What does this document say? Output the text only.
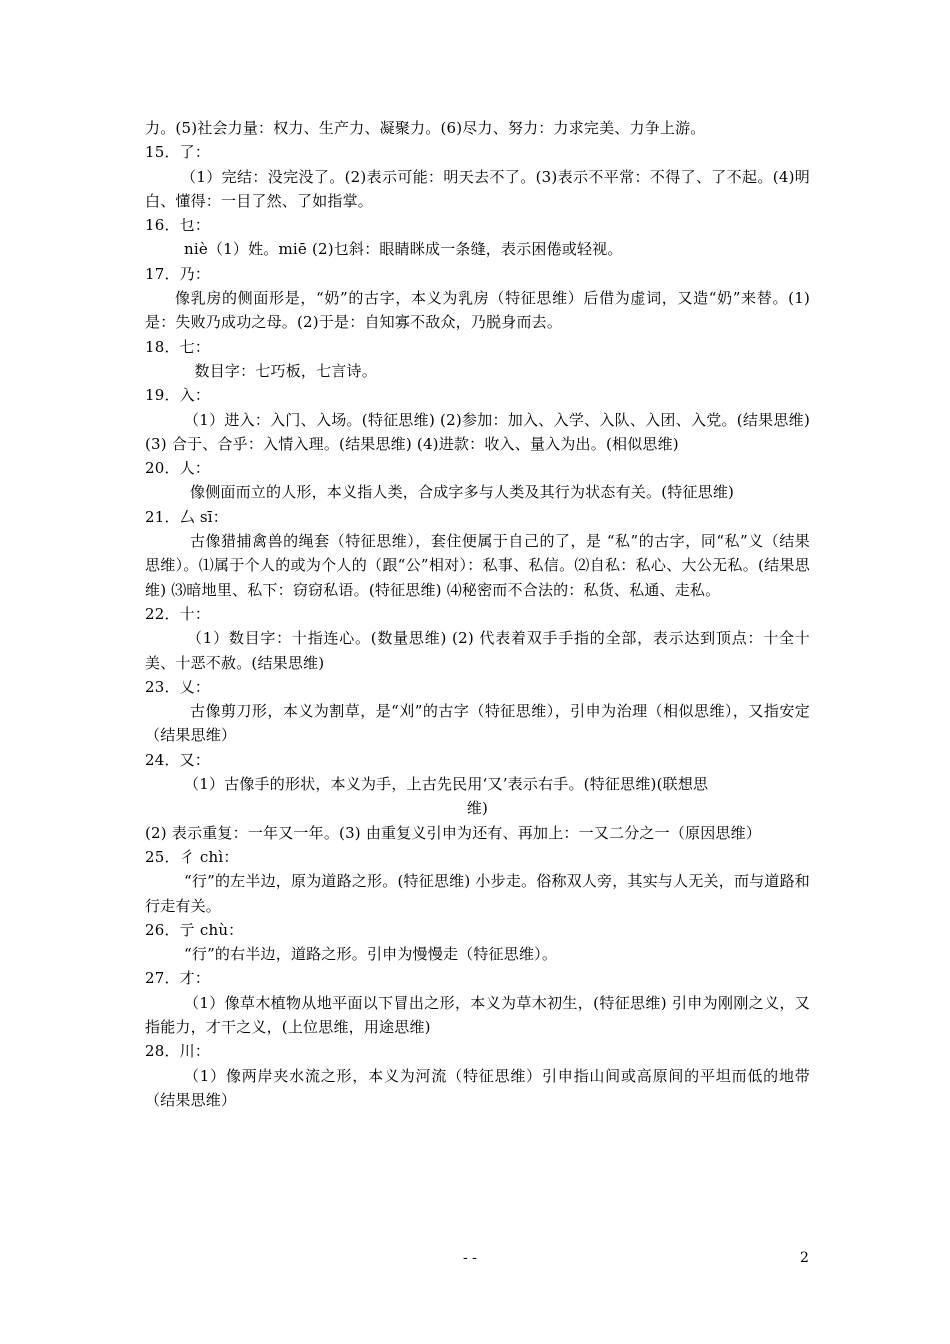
力。(5)社会力量：权力、生产力、凝聚力。(6)尽力、努力：力求完美、力争上游。

15．了：

（1）完结：没完没了。(2)表示可能：明天去不了。(3)表示不平常：不得了、了不起。(4)明白、懂得：一目了然、了如指掌。

16．乜：

niè（1）姓。miē (2)乜斜：眼睛眯成一条缝，表示困倦或轻视。

17．乃：

像乳房的侧面形是，“奶”的古字，本义为乳房（特征思维）后借为虚词，又造“奶”来替。(1)是：失败乃成功之母。(2)于是：自知寡不敌众，乃脱身而去。

18．七：

数目字：七巧板，七言诗。

19．入：

（1）进入：入门、入场。(特征思维) (2)参加：加入、入学、入队、入团、入党。(结果思维) (3) 合于、合乎：入情入理。(结果思维) (4)进款：收入、量入为出。(相似思维)

20．人：

像侧面而立的人形，本义指人类，合成字多与人类及其行为状态有关。(特征思维)

21．厶 sī：

古像猎捕禽兽的绳套（特征思维），套住便属于自己的了，是 “私”的古字，同“私”义（结果思维）。⑴属于个人的或为个人的（跟“公”相对）：私事、私信。⑵自私：私心、大公无私。(结果思维) ⑶暗地里、私下：窃窃私语。(特征思维) ⑷秘密而不合法的：私货、私通、走私。

22．十：

（1）数目字：十指连心。(数量思维) (2) 代表着双手手指的全部，表示达到顶点：十全十美、十恶不赦。(结果思维)

23．乂：

古像剪刀形，本义为割草，是“刈”的古字（特征思维），引申为治理（相似思维），又指安定（结果思维）

24．又：

（1）古像手的形状，本义为手，上古先民用‘又’表示右手。(特征思维)(联想思

维)

(2) 表示重复：一年又一年。(3) 由重复义引申为还有、再加上：一又二分之一（原因思维）

25．彳 chì：

“行”的左半边，原为道路之形。(特征思维) 小步走。俗称双人旁，其实与人无关，而与道路和行走有关。

26．亍 chù：

“行”的右半边，道路之形。引申为慢慢走（特征思维）。

27．才：

（1）像草木植物从地平面以下冒出之形，本义为草木初生，(特征思维) 引申为刚刚之义，又指能力，才干之义，(上位思维，用途思维)

28．川：

（1）像两岸夹水流之形，本义为河流（特征思维）引申指山间或高原间的平坦而低的地带（结果思维）

- -	2
